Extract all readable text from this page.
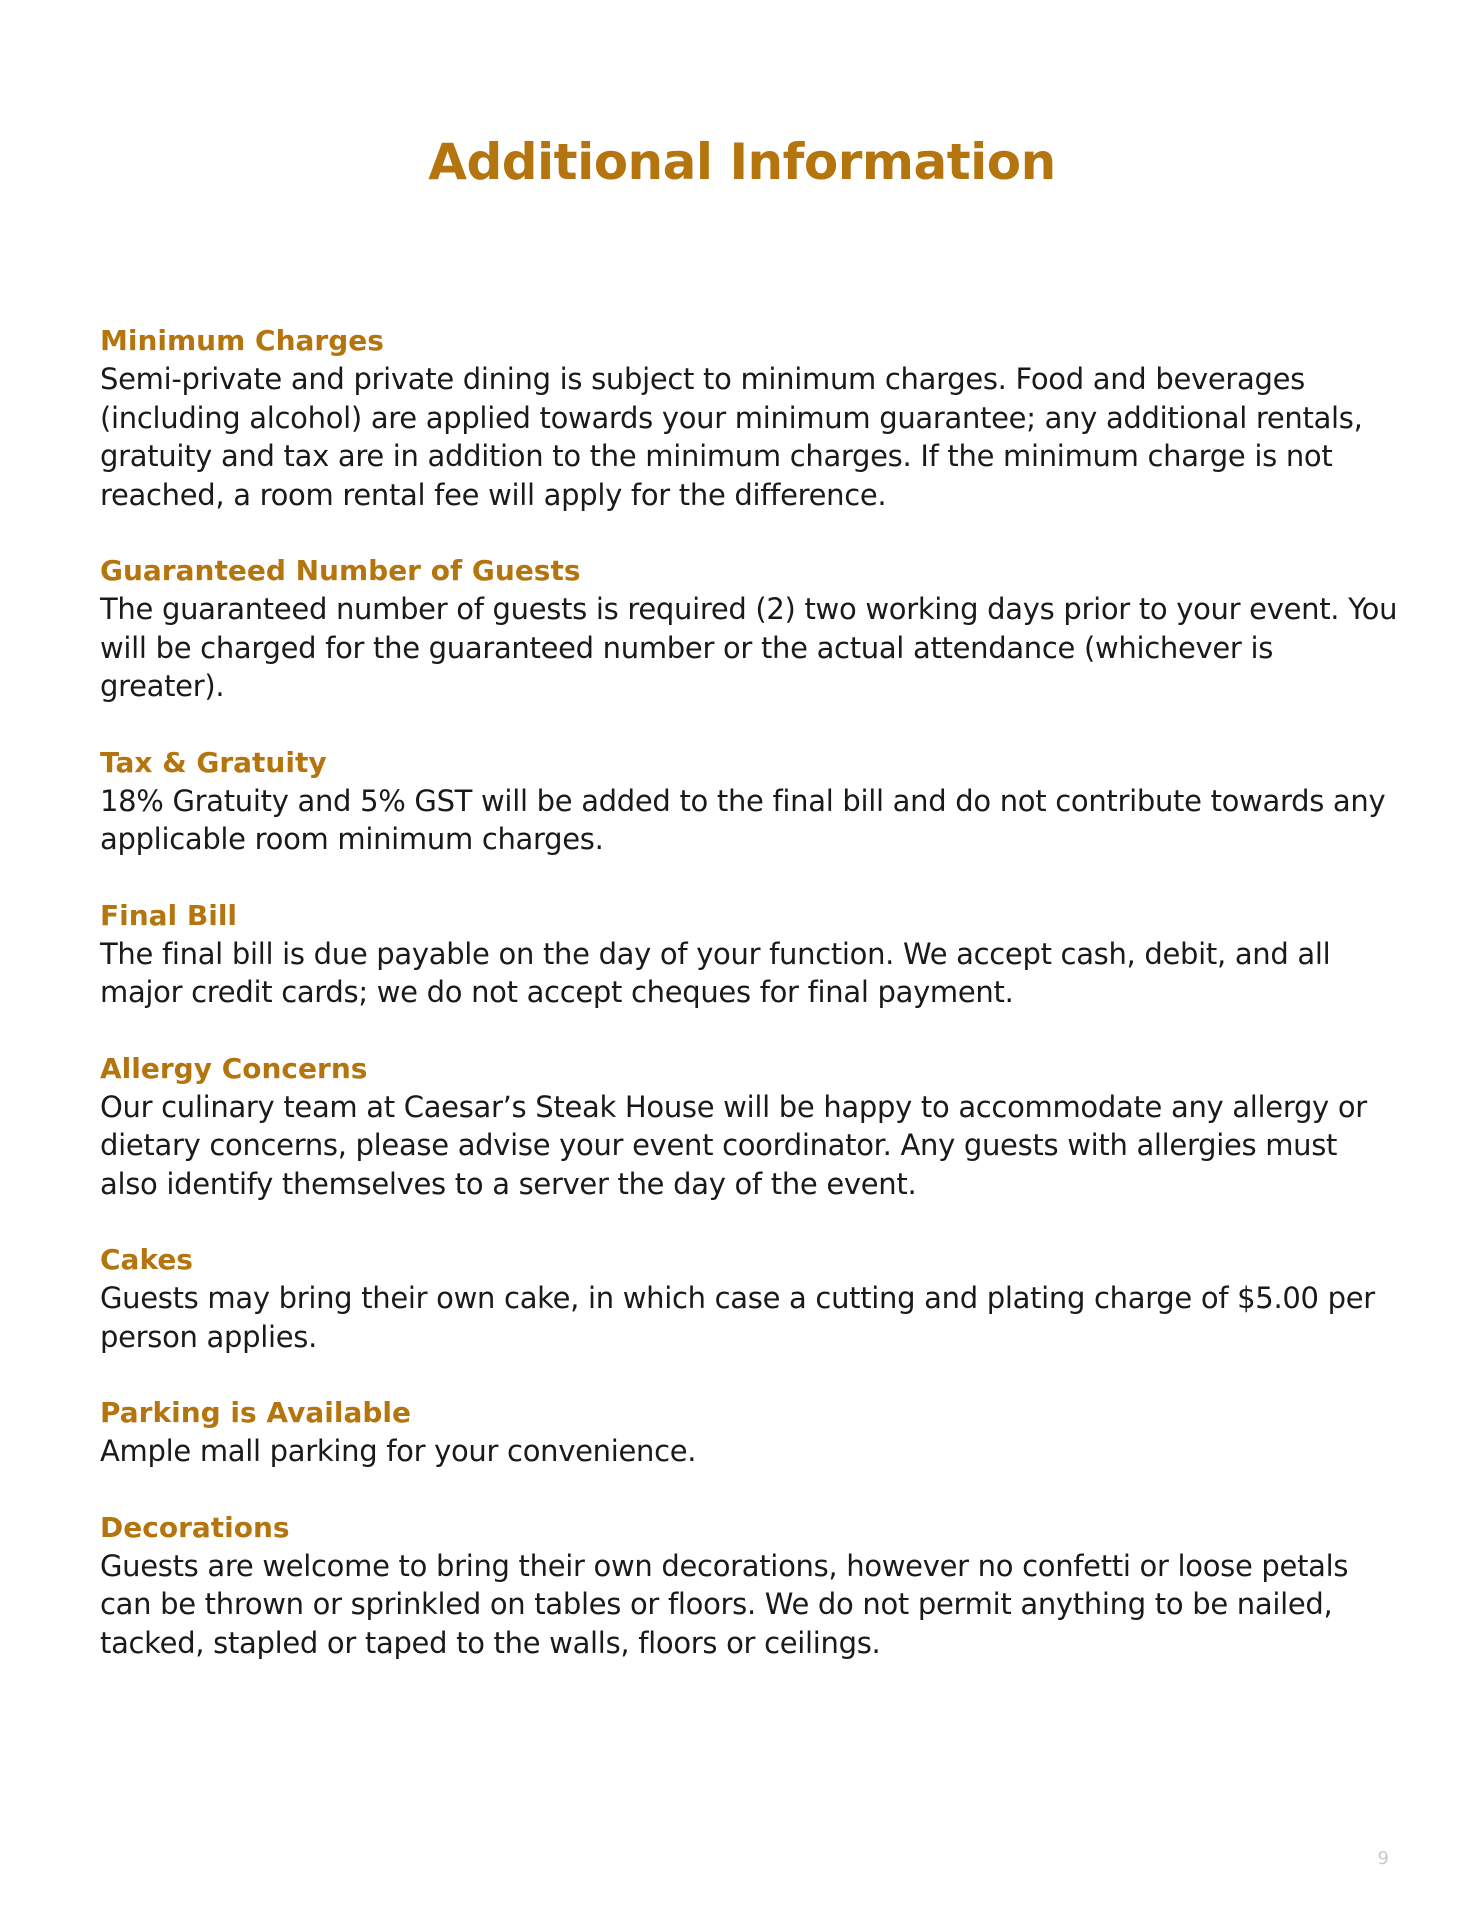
Additional Information
Minimum Charges

Semi-private and private dining is subject to minimum charges. Food and beverages (including alcohol) are applied towards your minimum guarantee; any additional rentals, gratuity and tax are in addition to the minimum charges. If the minimum charge is not reached, a room rental fee will apply for the difference.

Guaranteed Number of Guests

The guaranteed number of guests is required (2) two working days prior to your event. You will be charged for the guaranteed number or the actual attendance (whichever is greater).

Tax & Gratuity

18% Gratuity and 5% GST will be added to the final bill and do not contribute towards any applicable room minimum charges.

Final Bill

The final bill is due payable on the day of your function. We accept cash, debit, and all major credit cards; we do not accept cheques for final payment.

Allergy Concerns

Our culinary team at Caesar’s Steak House will be happy to accommodate any allergy or dietary concerns, please advise your event coordinator. Any guests with allergies must also identify themselves to a server the day of the event.

Cakes

Guests may bring their own cake, in which case a cutting and plating charge of $5.00 per person applies.

Parking is Available

Ample mall parking for your convenience.

Decorations

Guests are welcome to bring their own decorations, however no confetti or loose petals can be thrown or sprinkled on tables or floors. We do not permit anything to be nailed, tacked, stapled or taped to the walls, floors or ceilings.

9
